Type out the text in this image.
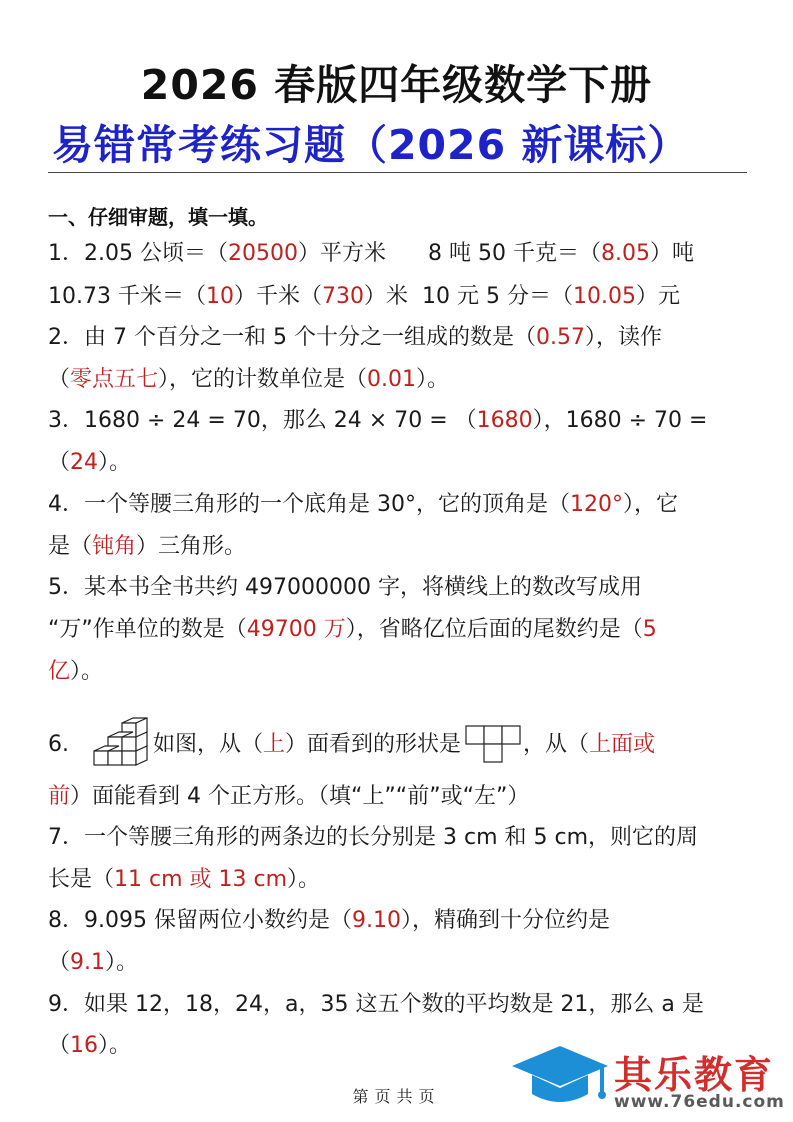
2026 春版四年级数学下册
易错常考练习题（2026 新课标）
一、仔细审题，填一填。
1．2.05 公顷＝（20500）平方米 8 吨 50 千克＝（8.05）吨
10.73 千米＝（10）千米（730）米 10 元 5 分＝（10.05）元
2．由 7 个百分之一和 5 个十分之一组成的数是（0.57），读作
（零点五七），它的计数单位是（0.01）。
3．1680 ÷ 24 = 70，那么 24 × 70 = （1680），1680 ÷ 70 =
（24）。
4．一个等腰三角形的一个底角是 30°，它的顶角是（120°），它
是（钝角）三角形。
5．某本书全书共约 497000000 字，将横线上的数改写成用
“万”作单位的数是（49700 万），省略亿位后面的尾数约是（5
亿）。
6.	如图，从（上）面看到的形状是	，从（上面或
前）面能看到 4 个正方形。（填“上”“前”或“左”）
7．一个等腰三角形的两条边的长分别是 3 cm 和 5 cm，则它的周
长是（11 cm 或 13 cm）。
8．9.095 保留两位小数约是（9.10），精确到十分位约是
（9.1）。
9．如果 12，18，24，a，35 这五个数的平均数是 21，那么 a 是
（16）。
第页共页	其乐教育
www.76edu.com
